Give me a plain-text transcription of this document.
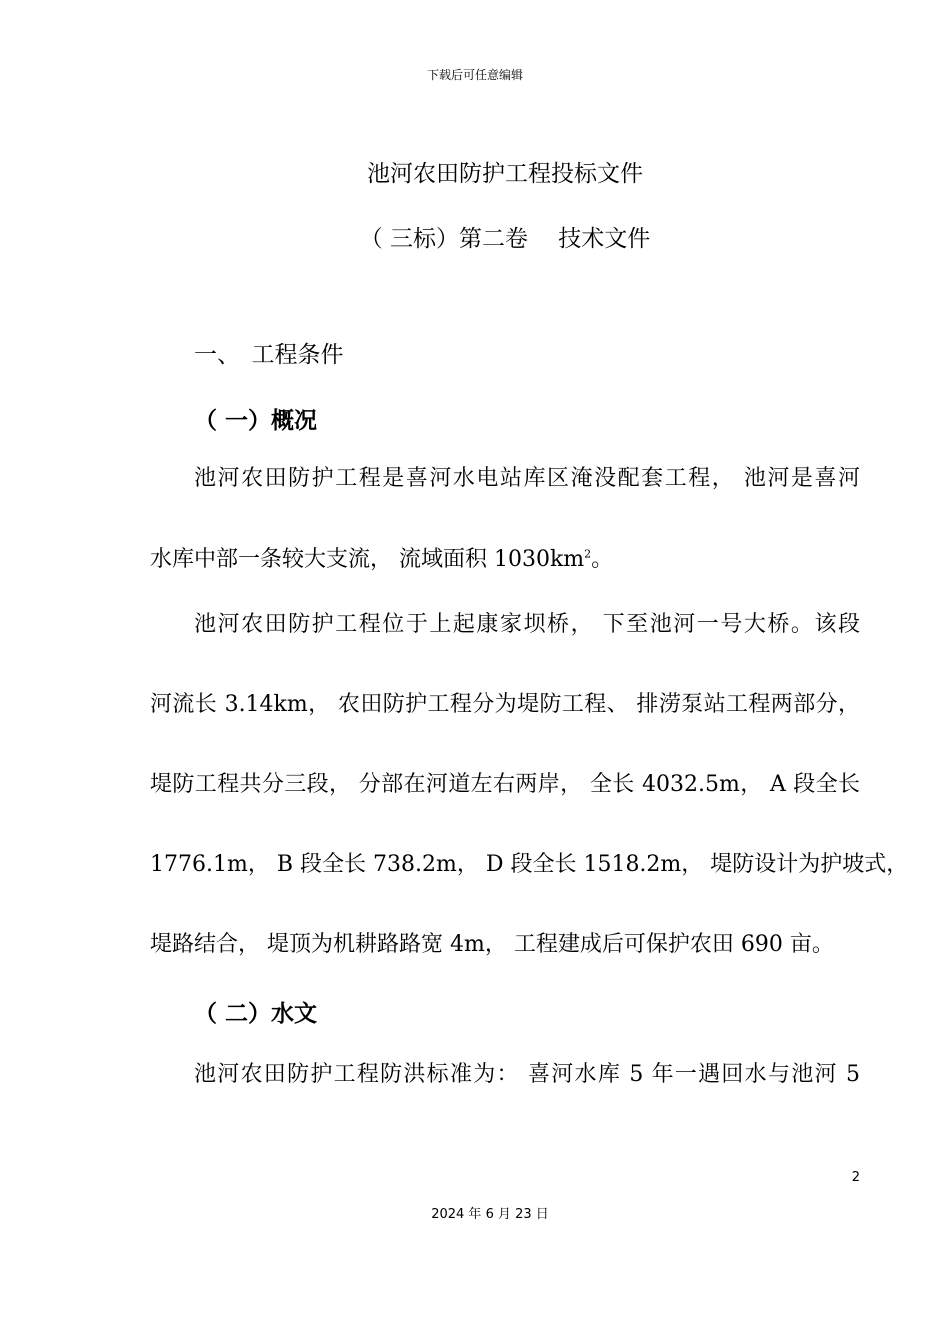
下载后可任意编辑
池河农田防护工程投标文件
（ 三标）第二卷　 技术文件
一、　工程条件
（ 一）概况
池河农田防护工程是喜河水电站库区淹没配套工程， 池河是喜河
水库中部一条较大支流， 流域面积 $1030km^2$。
池河农田防护工程位于上起康家坝桥， 下至池河一号大桥。该段
河流长 3.14km， 农田防护工程分为堤防工程、 排涝泵站工程两部分，
堤防工程共分三段， 分部在河道左右两岸， 全长 4032.5m， A 段全长
1776.1m， B 段全长 738.2m， D 段全长 1518.2m， 堤防设计为护坡式，
堤路结合， 堤顶为机耕路路宽 4m， 工程建成后可保护农田 690 亩。
（ 二）水文
池河农田防护工程防洪标准为： 喜河水库 5 年一遇回水与池河 5
2
2024 年 6 月 23 日
